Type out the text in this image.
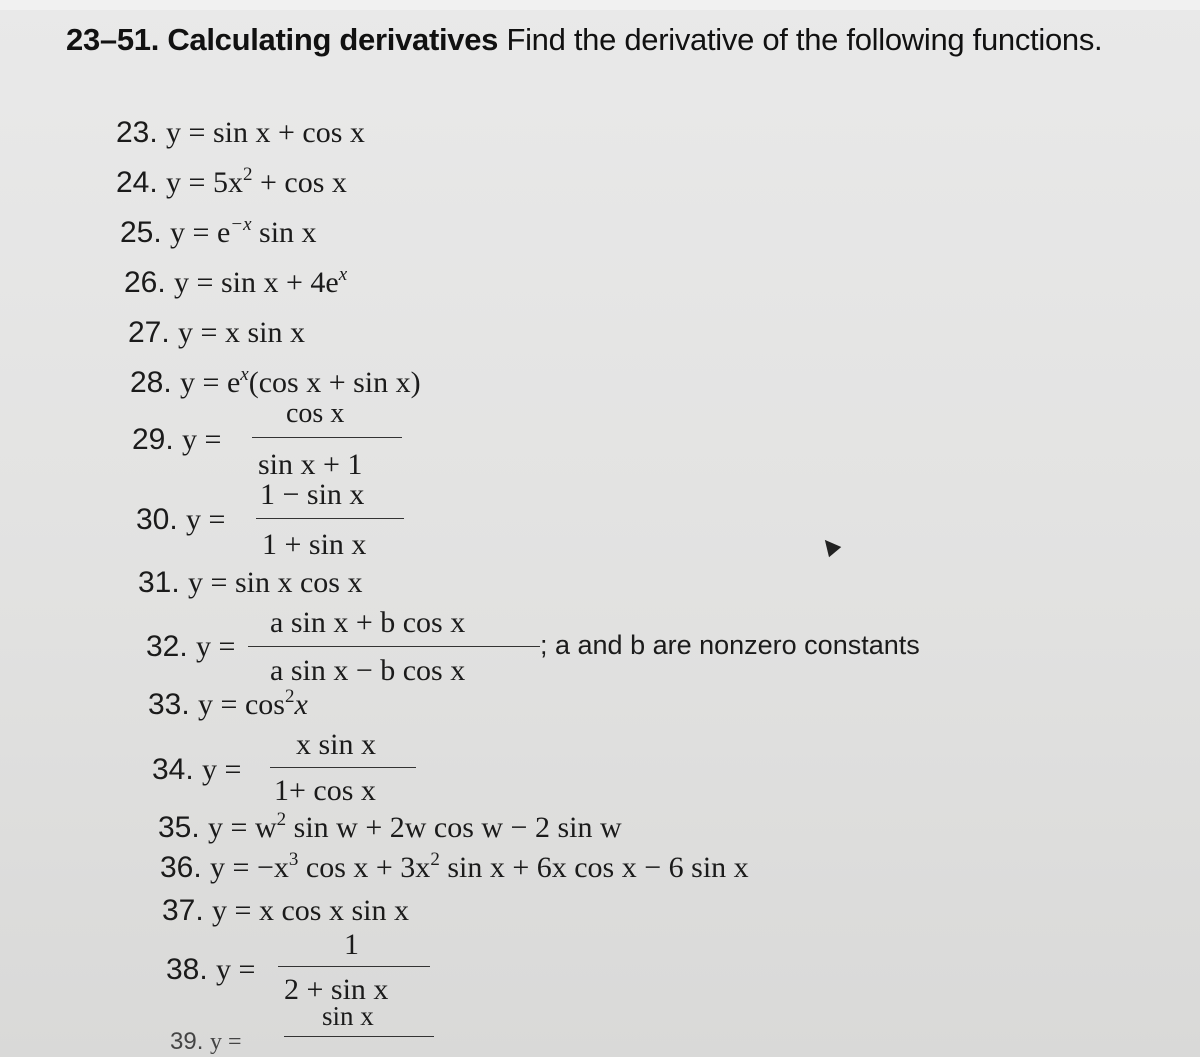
23–51. Calculating derivatives Find the derivative of the following functions.
23. y = sin x + cos x
24. $y = 5x^2 + \cos x$
25. $y = e^{-x}$ sin x
26. $y = \sin x + 4e^x$
27. y = x sin x
28. $y = e^x(\cos$ x + sin x)
29. y =
cos x
sin x + 1
30. y =
1 − sin x
1 + sin x
31. y = sin x cos x
32. y =
a sin x + b cos x
a sin x − b cos x
; a and b are nonzero constants
33. $y = \cos^2x$
34. y =
x sin x
1+ cos x
35. $y = w^2$ sin w + 2w cos w − 2 sin w
36. $y = -x^3$ $\cos x + 3x^2$ sin x + 6x cos x − 6 sin x
37. y = x cos x sin x
38. y =
1
2 + sin x
sin x
39. y =
